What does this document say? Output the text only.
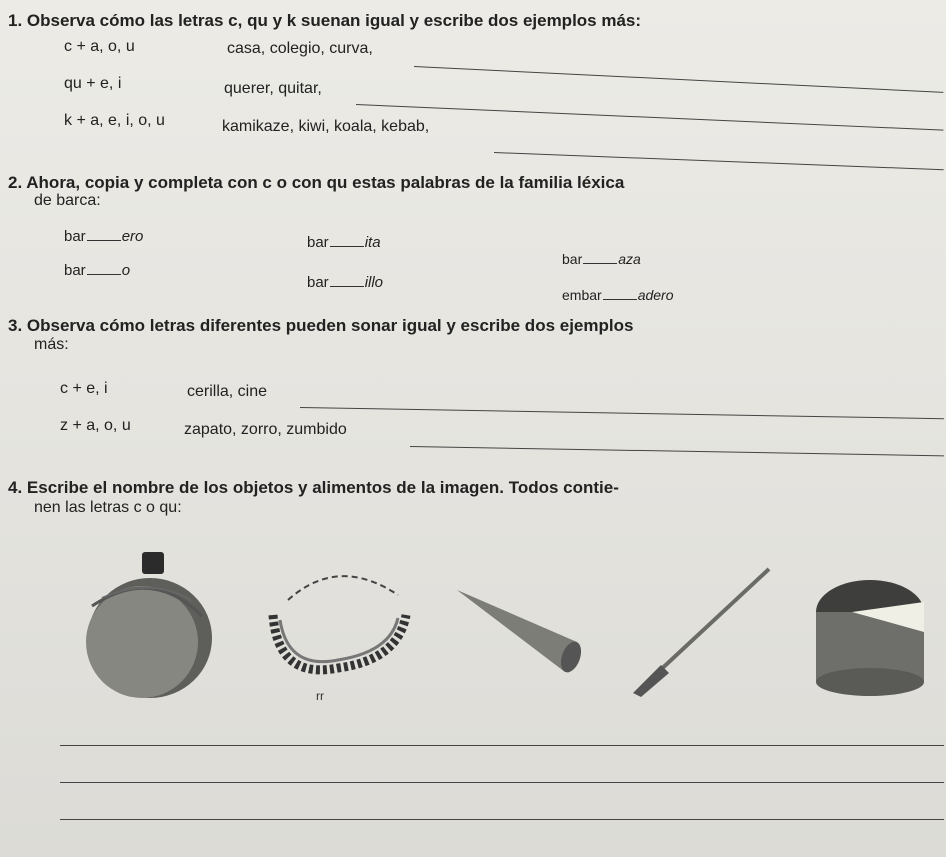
1. Observa cómo las letras c, qu y k suenan igual y escribe dos ejemplos más:
c + a, o, u	casa, colegio, curva,
qu + e, i	querer, quitar,
k + a, e, i, o, u	kamikaze, kiwi, koala, kebab,
2. Ahora, copia y completa con c o con qu estas palabras de la familia léxica
de barca:
bar ero
bar o
bar ita
bar illo
bar	aza
embar	adero
3. Observa cómo letras diferentes pueden sonar igual y escribe dos ejemplos
más:
c + e, i	cerilla, cine
z + a, o, u	zapato, zorro, zumbido
4. Escribe el nombre de los objetos y alimentos de la imagen. Todos contie-
nen las letras c o qu:
rr
